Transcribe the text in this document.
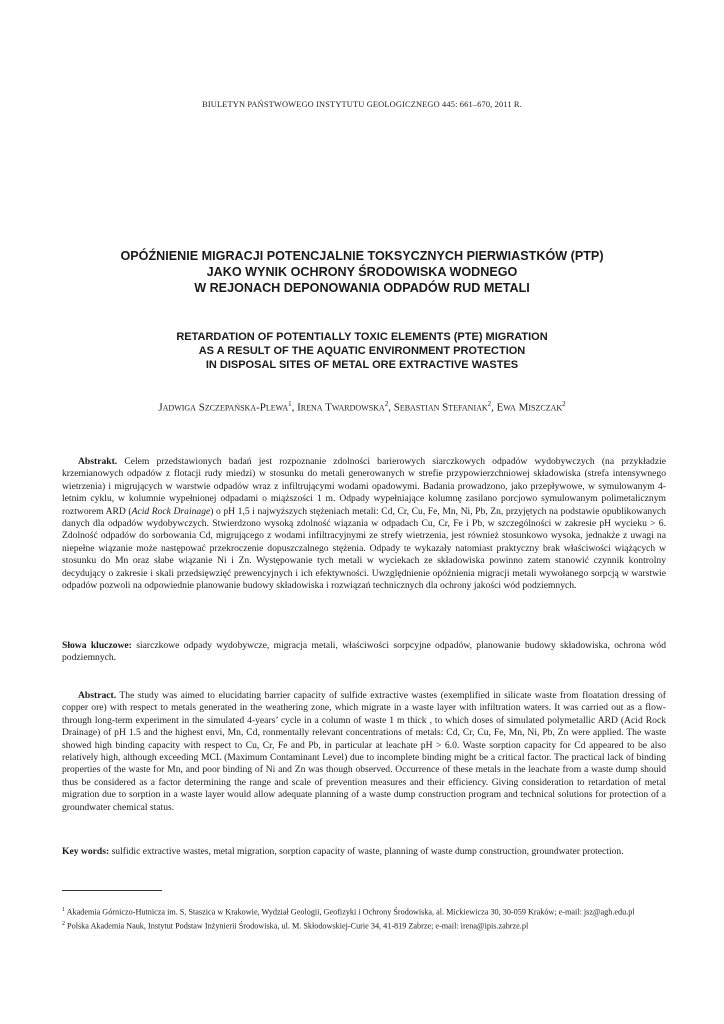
BIULETYN PAŃSTWOWEGO INSTYTUTU GEOLOGICZNEGO 445: 661–670, 2011 R.
OPÓŹNIENIE MIGRACJI POTENCJALNIE TOKSYCZNYCH PIERWIASTKÓW (PTP)
JAKO WYNIK OCHRONY ŚRODOWISKA WODNEGO
W REJONACH DEPONOWANIA ODPADÓW RUD METALI
RETARDATION OF POTENTIALLY TOXIC ELEMENTS (PTE) MIGRATION
AS A RESULT OF THE AQUATIC ENVIRONMENT PROTECTION
IN DISPOSAL SITES OF METAL ORE EXTRACTIVE WASTES
Jadwiga Szczepańska-Plewa$^1$, Irena Twardowska$^2$, Sebastian Stefaniak$^2$, Ewa Miszczak$^2$
Abstrakt. Celem przedstawionych badań jest rozpoznanie zdolności barierowych siarczkowych odpadów wydobywczych (na przykładzie krzemianowych odpadów z flotacji rudy miedzi) w stosunku do metali generowanych w strefie przypowierzchniowej składowiska (strefa intensywnego wietrzenia) i migrujących w warstwie odpadów wraz z infiltrującymi wodami opadowymi. Badania prowadzono, jako przepływowe, w symulowanym 4-letnim cyklu, w kolumnie wypełnionej odpadami o miąższości 1 m. Odpady wypełniające kolumnę zasilano porcjowo symulowanym polimetalicznym roztworem ARD (Acid Rock Drainage) o pH 1,5 i najwyższych stężeniach metali: Cd, Cr, Cu, Fe, Mn, Ni, Pb, Zn, przyjętych na podstawie opublikowanych danych dla odpadów wydobywczych. Stwierdzono wysoką zdolność wiązania w odpadach Cu, Cr, Fe i Pb, w szczególności w zakresie pH wycieku > 6. Zdolność odpadów do sorbowania Cd, migrującego z wodami infiltracyjnymi ze strefy wietrzenia, jest również stosunkowo wysoka, jednakże z uwagi na niepełne wiązanie może następować przekroczenie dopuszczalnego stężenia. Odpady te wykazały natomiast praktyczny brak właściwości wiążących w stosunku do Mn oraz słabe wiązanie Ni i Zn. Występowanie tych metali w wyciekach ze składowiska powinno zatem stanowić czynnik kontrolny decydujący o zakresie i skali przedsięwzięć prewencyjnych i ich efektywności. Uwzględnienie opóźnienia migracji metali wywołanego sorpcją w warstwie odpadów pozwoli na odpowiednie planowanie budowy składowiska i rozwiązań technicznych dla ochrony jakości wód podziemnych.
Słowa kluczowe: siarczkowe odpady wydobywcze, migracja metali, właściwości sorpcyjne odpadów, planowanie budowy składowiska, ochrona wód podziemnych.
Abstract. The study was aimed to elucidating barrier capacity of sulfide extractive wastes (exemplified in silicate waste from floatation dressing of copper ore) with respect to metals generated in the weathering zone, which migrate in a waste layer with infiltration waters. It was carried out as a flow-through long-term experiment in the simulated 4-years’ cycle in a column of waste 1 m thick , to which doses of simulated polymetallic ARD (Acid Rock Drainage) of pH 1.5 and the highest envi, Mn, Cd, ronmentally relevant concentrations of metals: Cd, Cr, Cu, Fe, Mn, Ni, Pb, Zn were applied. The waste showed high binding capacity with respect to Cu, Cr, Fe and Pb, in particular at leachate pH > 6.0. Waste sorption capacity for Cd appeared to be also relatively high, although exceeding MCL (Maximum Contaminant Level) due to incomplete binding might be a critical factor. The practical lack of binding properties of the waste for Mn, and poor binding of Ni and Zn was though observed. Occurrence of these metals in the leachate from a waste dump should thus be considered as a factor determining the range and scale of prevention measures and their efficiency. Giving consideration to retardation of metal migration due to sorption in a waste layer would allow adequate planning of a waste dump construction program and technical solutions for protection of a groundwater chemical status.
Key words: sulfidic extractive wastes, metal migration, sorption capacity of waste, planning of waste dump construction, groundwater protection.
$^1$ Akademia Górniczo-Hutnicza im. S, Staszica w Krakowie, Wydział Geologii, Geofizyki i Ochrony Środowiska, al. Mickiewicza 30, 30-059 Kraków; e-mail: jsz@agh.edu.pl
$^2$ Polska Akademia Nauk, Instytut Podstaw Inżynierii Środowiska, ul. M. Skłodowskiej-Curie 34, 41-819 Zabrze; e-mail: irena@ipis.zabrze.pl
